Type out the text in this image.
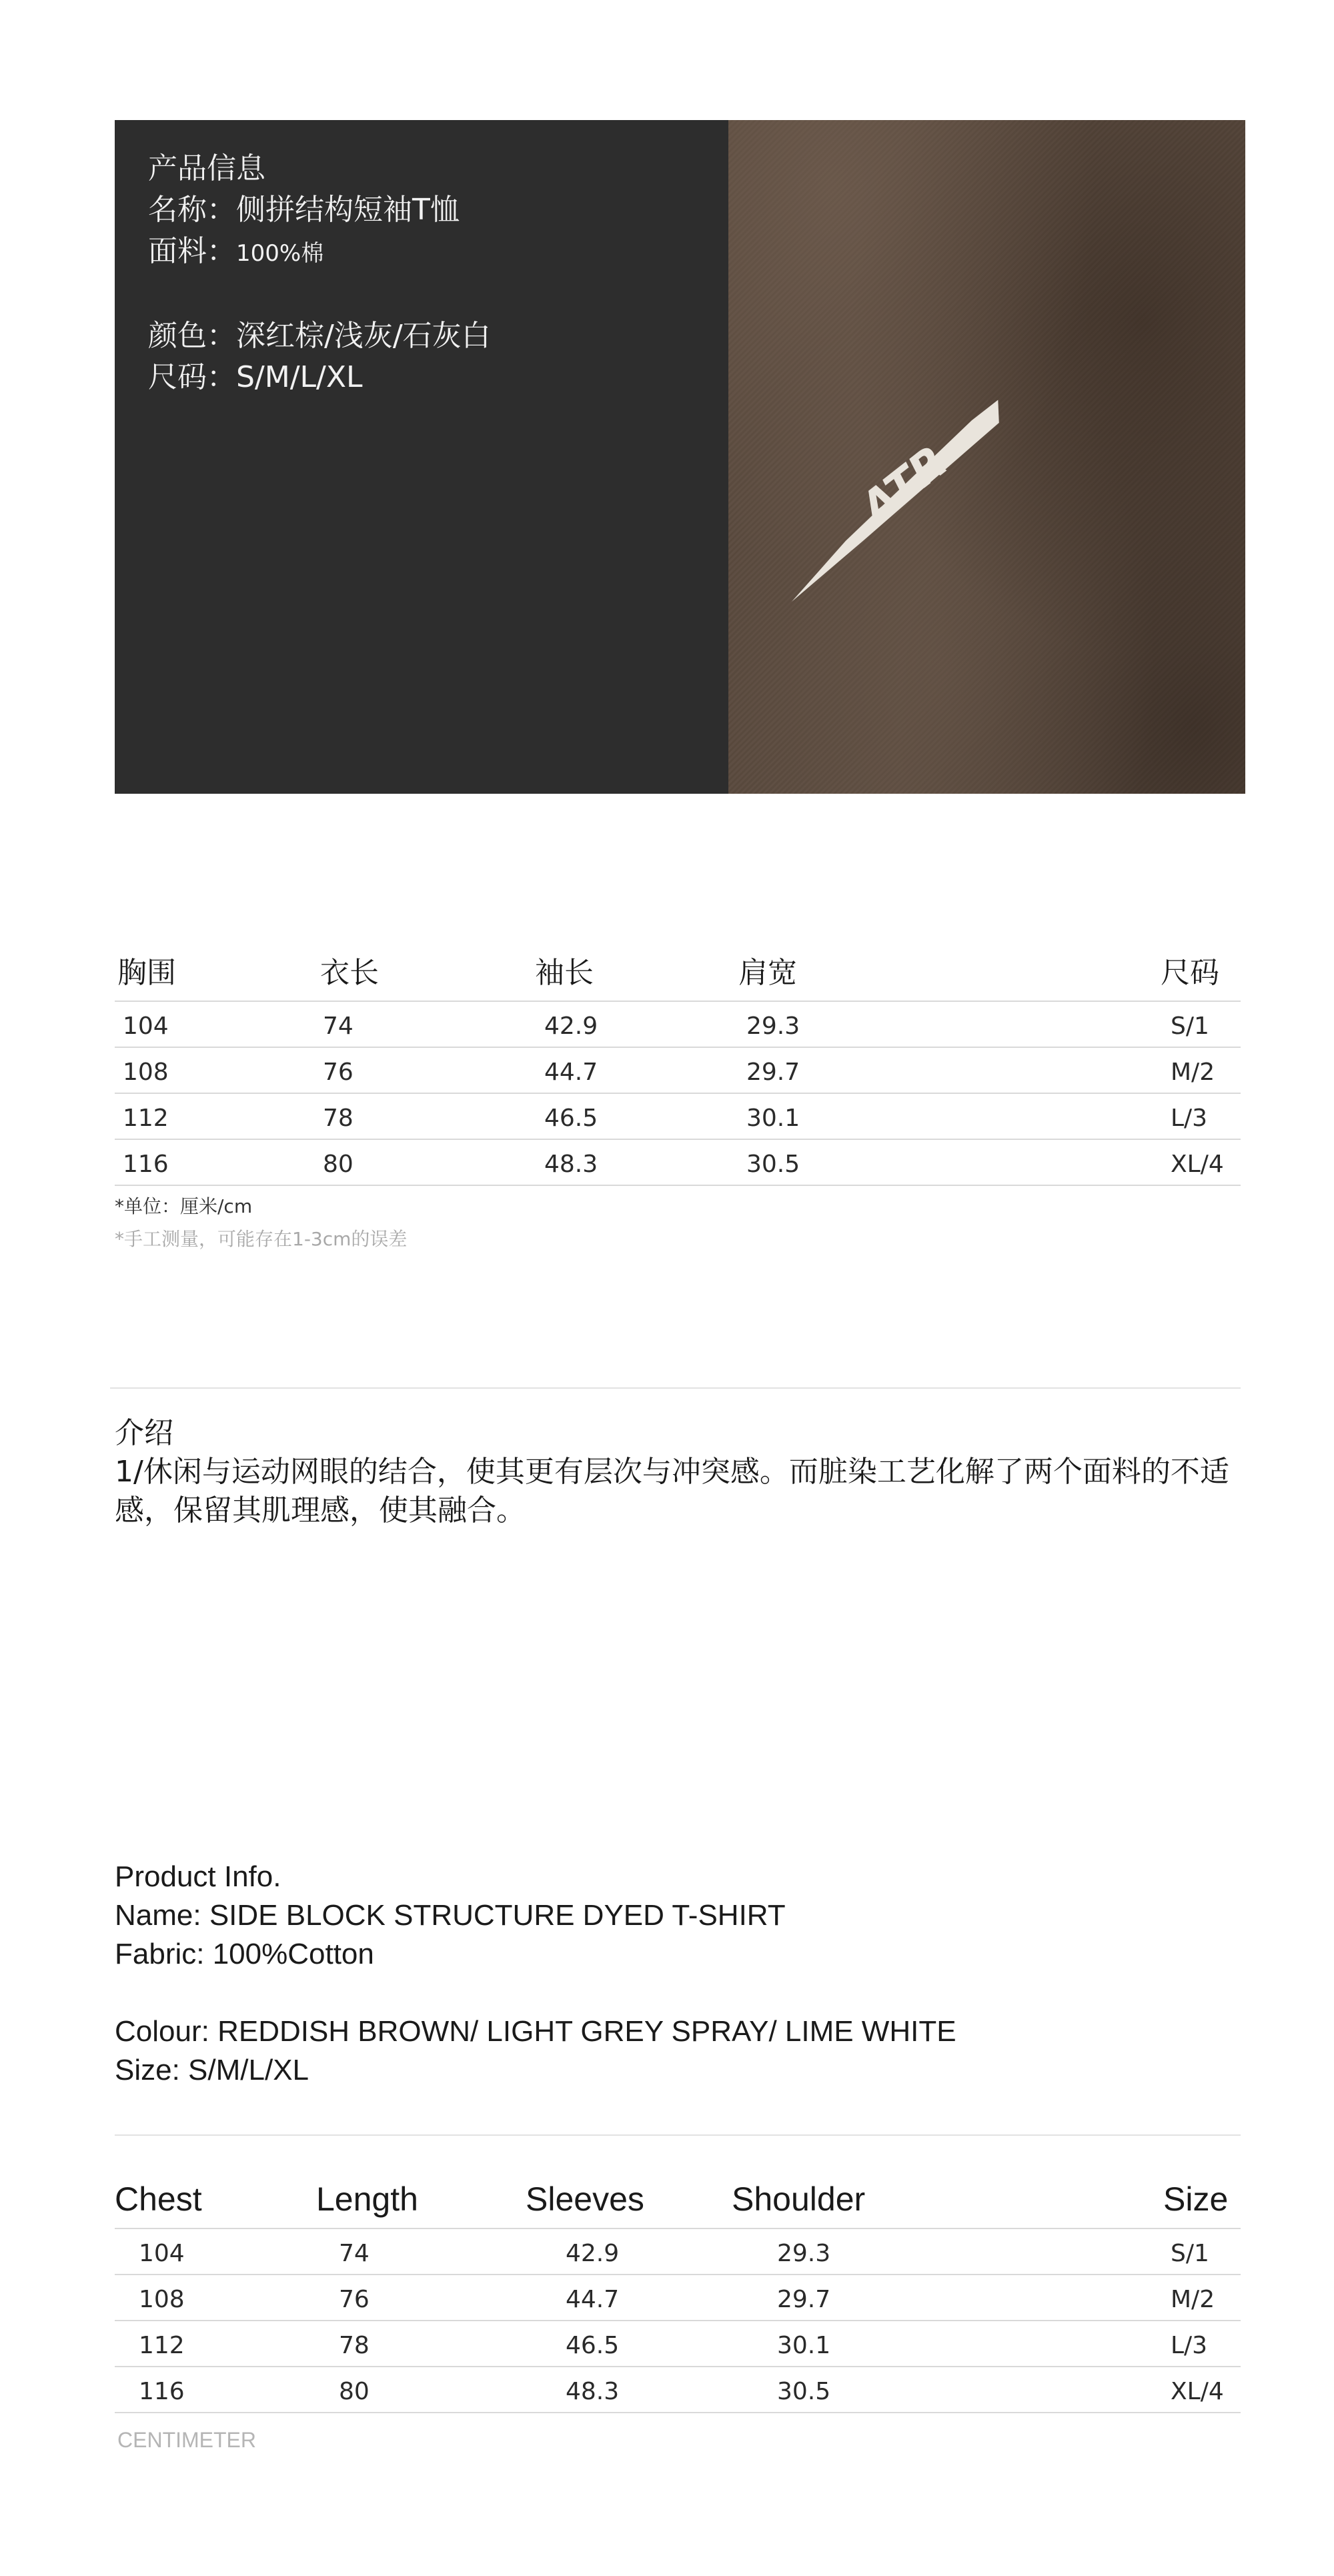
产品信息
名称：侧拼结构短袖T恤
面料：100%棉
颜色：深红棕/浅灰/石灰白
尺码：S/M/L/XL
ATR
胸围	衣长	袖长	肩宽	尺码
104	74	42.9	29.3	S/1
108	76	44.7	29.7	M/2
112	78	46.5	30.1	L/3
116	80	48.3	30.5	XL/4
*单位：厘米/cm
*手工测量，可能存在1-3cm的误差
介绍
1/休闲与运动网眼的结合，使其更有层次与冲突感。而脏染工艺化解了两个面料的不适感，保留其肌理感，使其融合。
Product Info.
Name: SIDE BLOCK STRUCTURE DYED T-SHIRT
Fabric: 100%Cotton
Colour: REDDISH BROWN/ LIGHT GREY SPRAY/ LIME WHITE
Size: S/M/L/XL
Chest	Length	Sleeves	Shoulder	Size
104	74	42.9	29.3	S/1
108	76	44.7	29.7	M/2
112	78	46.5	30.1	L/3
116	80	48.3	30.5	XL/4
CENTIMETER
